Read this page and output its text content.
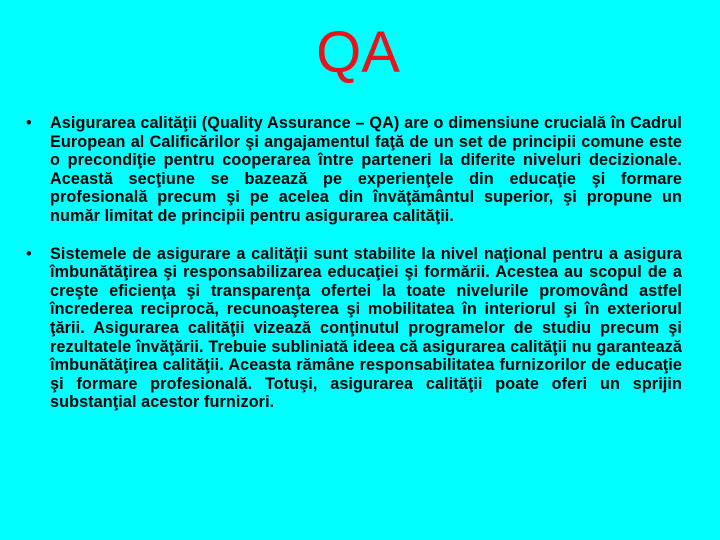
QA
• Asigurarea calităţii (Quality Assurance – QA) are o dimensiune crucială în Cadrul European al Calificărilor şi angajamentul faţă de un set de principii comune este o precondiţie pentru cooperarea între parteneri la diferite niveluri decizionale. Această secţiune se bazează pe experienţele din educaţie şi formare profesională precum şi pe acelea din învăţământul superior, şi propune un număr limitat de principii pentru asigurarea calităţii.
• Sistemele de asigurare a calităţii sunt stabilite la nivel naţional pentru a asigura îmbunătăţirea şi responsabilizarea educaţiei şi formării. Acestea au scopul de a creşte eficienţa şi transparenţa ofertei la toate nivelurile promovând astfel încrederea reciprocă, recunoaşterea şi mobilitatea în interiorul şi în exteriorul ţării. Asigurarea calităţii vizează conţinutul programelor de studiu precum şi rezultatele învăţării. Trebuie subliniată ideea că asigurarea calităţii nu garantează îmbunătăţirea calităţii. Aceasta rămâne responsabilitatea furnizorilor de educaţie şi formare profesională. Totuşi, asigurarea calităţii poate oferi un sprijin substanţial acestor furnizori.
